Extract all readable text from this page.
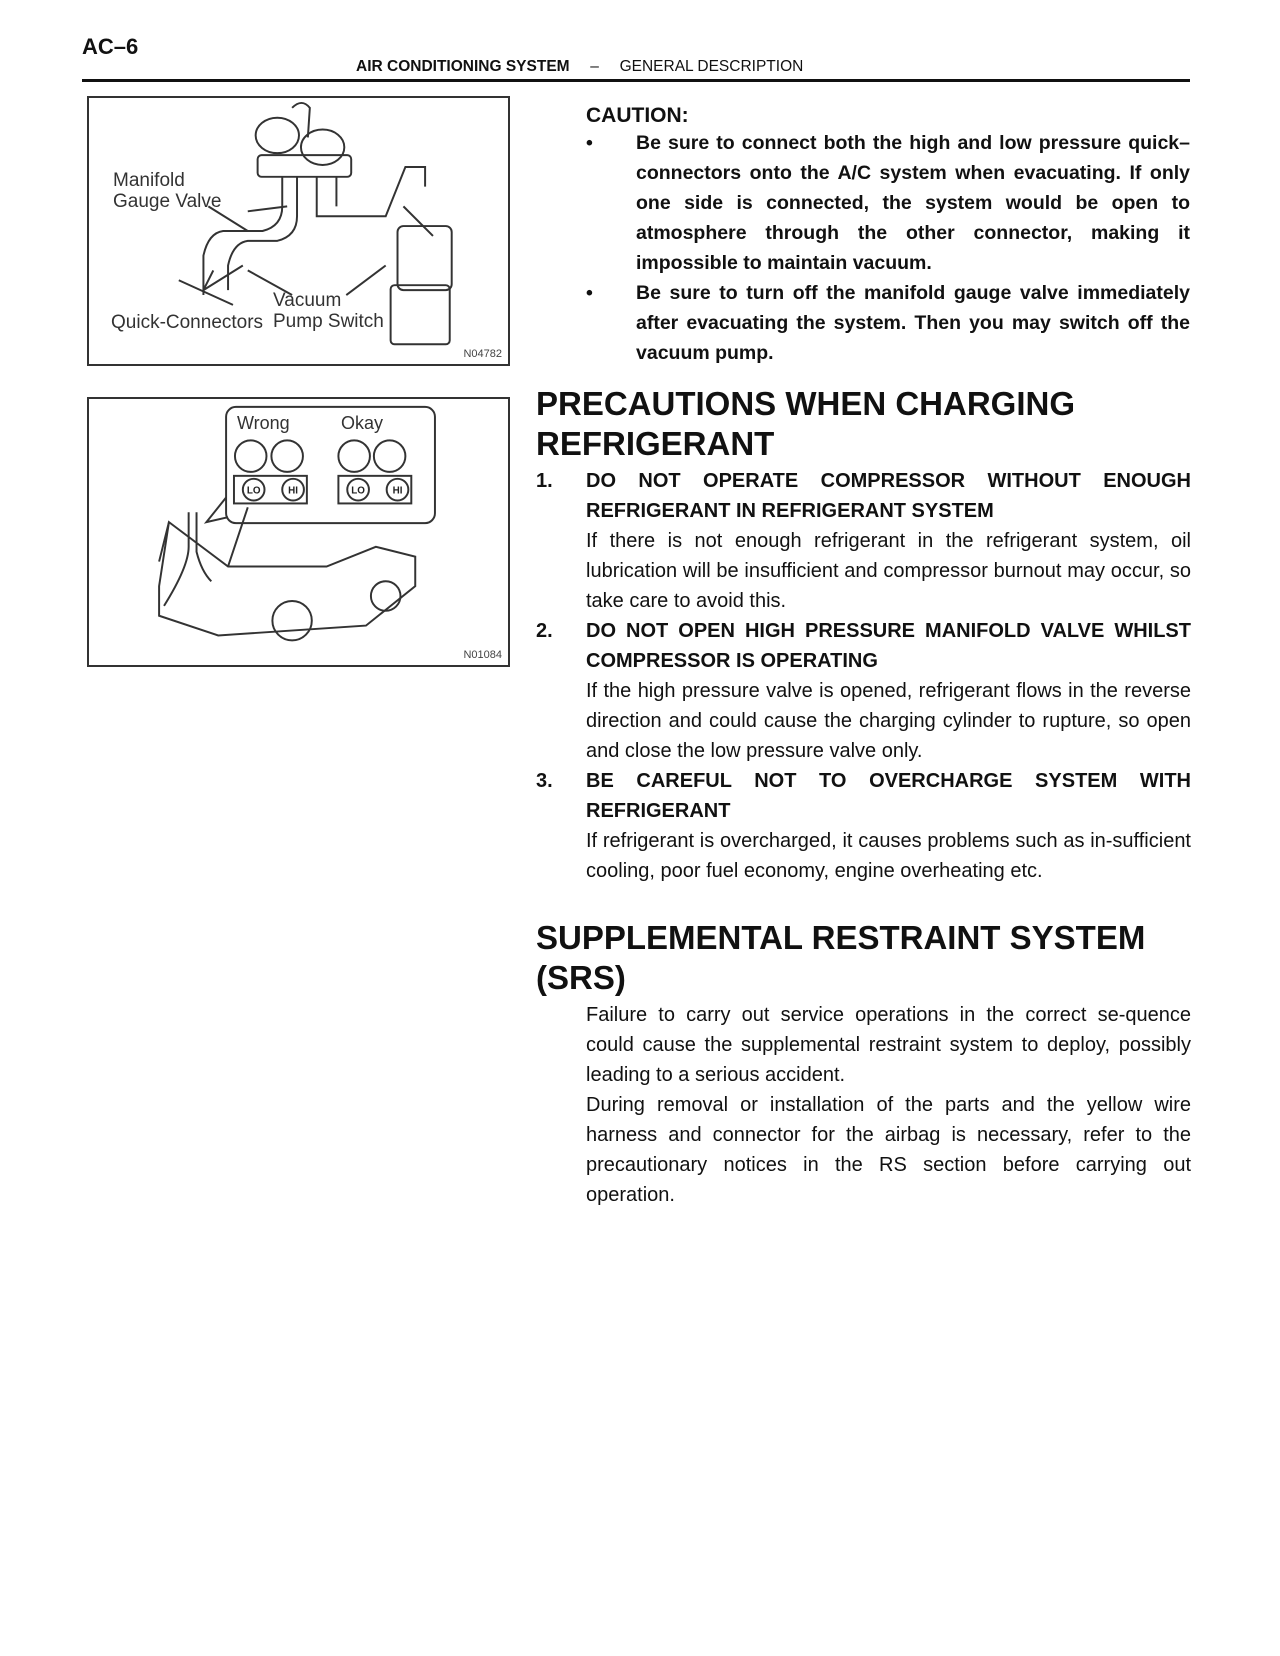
AC–6
AIR CONDITIONING SYSTEM – GENERAL DESCRIPTION
Manifold
Gauge Valve
Vacuum
Pump Switch
Quick-Connectors
N04782
LO	HI	LO	HI
Wrong	Okay
N01084
CAUTION:
• Be sure to connect both the high and low pressure quick–connectors onto the A/C system when evacuating. If only one side is connected, the system would be open to atmosphere through the other connector, making it impossible to maintain vacuum.
• Be sure to turn off the manifold gauge valve immediately after evacuating the system. Then you may switch off the vacuum pump.
PRECAUTIONS WHEN CHARGING
REFRIGERANT
1. DO NOT OPERATE COMPRESSOR WITHOUT ENOUGH REFRIGERANT IN REFRIGERANT SYSTEM
If there is not enough refrigerant in the refrigerant system, oil lubrication will be insufficient and compressor burnout may occur, so take care to avoid this.
2. DO NOT OPEN HIGH PRESSURE MANIFOLD VALVE WHILST COMPRESSOR IS OPERATING
If the high pressure valve is opened, refrigerant flows in the reverse direction and could cause the charging cylinder to rupture, so open and close the low pressure valve only.
3. BE CAREFUL NOT TO OVERCHARGE SYSTEM WITH REFRIGERANT
If refrigerant is overcharged, it causes problems such as in-sufficient cooling, poor fuel economy, engine overheating etc.
SUPPLEMENTAL RESTRAINT SYSTEM
(SRS)
Failure to carry out service operations in the correct se-quence could cause the supplemental restraint system to deploy, possibly leading to a serious accident.
During removal or installation of the parts and the yellow wire harness and connector for the airbag is necessary, refer to the precautionary notices in the RS section before carrying out operation.
